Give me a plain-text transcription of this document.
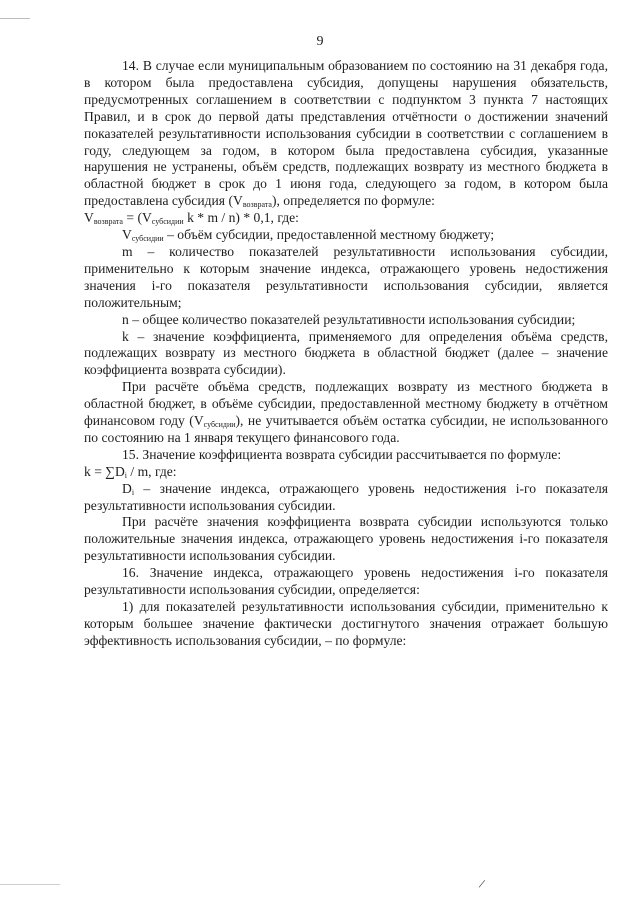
9

14. В случае если муниципальным образованием по состоянию на 31 декабря года, в котором была предоставлена субсидия, допущены нарушения обязательств, предусмотренных соглашением в соответствии с подпунктом 3 пункта 7 настоящих Правил, и в срок до первой даты представления отчётности о достижении значений показателей результативности использования субсидии в соответствии с соглашением в году, следующем за годом, в котором была предоставлена субсидия, указанные нарушения не устранены, объём средств, подлежащих возврату из местного бюджета в областной бюджет в срок до 1 июня года, следующего за годом, в котором была предоставлена субсидия $(V_{возврата})$, определяется по формуле:

$V_{возврата} = (V_{субсидии}$ k * m / n) * 0,1, где:

$V_{субсидии}$ – объём субсидии, предоставленной местному бюджету;

m – количество показателей результативности использования субсидии, применительно к которым значение индекса, отражающего уровень недостижения значения i-го показателя результативности использования субсидии, является положительным;

n – общее количество показателей результативности использования субсидии;

k – значение коэффициента, применяемого для определения объёма средств, подлежащих возврату из местного бюджета в областной бюджет (далее – значение коэффициента возврата субсидии).

При расчёте объёма средств, подлежащих возврату из местного бюджета в областной бюджет, в объёме субсидии, предоставленной местному бюджету в отчётном финансовом году $(V_{субсидии})$, не учитывается объём остатка субсидии, не использованного по состоянию на 1 января текущего финансового года.

15. Значение коэффициента возврата субсидии рассчитывается по формуле:

$k = \sum D_i / m$, где:

$D_i$ – значение индекса, отражающего уровень недостижения i-го показателя результативности использования субсидии.

При расчёте значения коэффициента возврата субсидии используются только положительные значения индекса, отражающего уровень недостижения i-го показателя результативности использования субсидии.

16. Значение индекса, отражающего уровень недостижения i-го показателя результативности использования субсидии, определяется:

1) для показателей результативности использования субсидии, применительно к которым большее значение фактически достигнутого значения отражает большую эффективность использования субсидии, – по формуле:

/
